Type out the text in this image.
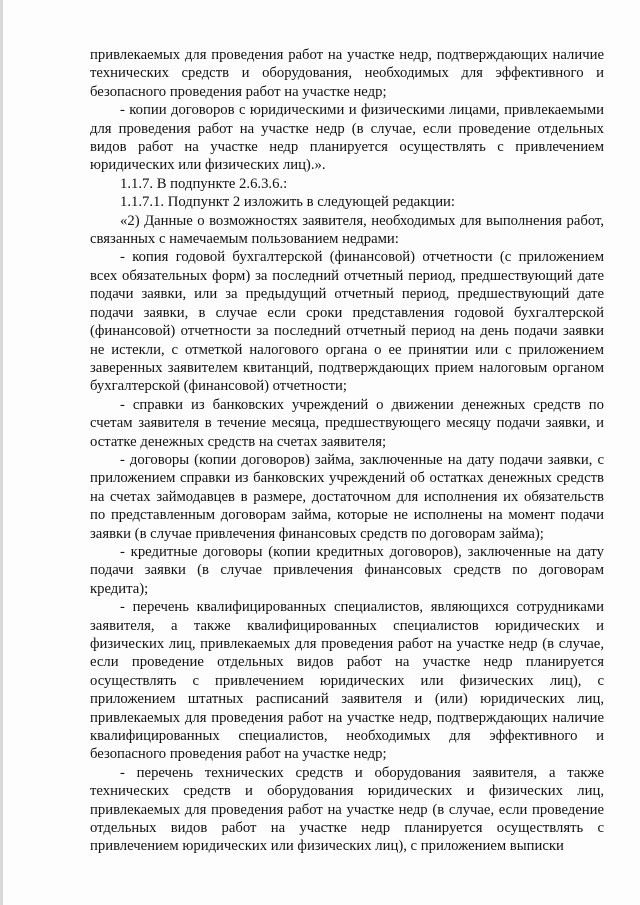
привлекаемых для проведения работ на участке недр, подтверждающих наличие технических средств и оборудования, необходимых для эффективного и безопасного проведения работ на участке недр;

- копии договоров с юридическими и физическими лицами, привлекаемыми для проведения работ на участке недр (в случае, если проведение отдельных видов работ на участке недр планируется осуществлять с привлечением юридических или физических лиц).».

1.1.7. В подпункте 2.6.3.6.:

1.1.7.1. Подпункт 2 изложить в следующей редакции:

«2) Данные о возможностях заявителя, необходимых для выполнения работ, связанных с намечаемым пользованием недрами:

- копия годовой бухгалтерской (финансовой) отчетности (с приложением всех обязательных форм) за последний отчетный период, предшествующий дате подачи заявки, или за предыдущий отчетный период, предшествующий дате подачи заявки, в случае если сроки представления годовой бухгалтерской (финансовой) отчетности за последний отчетный период на день подачи заявки не истекли, с отметкой налогового органа о ее принятии или с приложением заверенных заявителем квитанций, подтверждающих прием налоговым органом бухгалтерской (финансовой) отчетности;

- справки из банковских учреждений о движении денежных средств по счетам заявителя в течение месяца, предшествующего месяцу подачи заявки, и остатке денежных средств на счетах заявителя;

- договоры (копии договоров) займа, заключенные на дату подачи заявки, с приложением справки из банковских учреждений об остатках денежных средств на счетах займодавцев в размере, достаточном для исполнения их обязательств по представленным договорам займа, которые не исполнены на момент подачи заявки (в случае привлечения финансовых средств по договорам займа);

- кредитные договоры (копии кредитных договоров), заключенные на дату подачи заявки (в случае привлечения финансовых средств по договорам кредита);

- перечень квалифицированных специалистов, являющихся сотрудниками заявителя, а также квалифицированных специалистов юридических и физических лиц, привлекаемых для проведения работ на участке недр (в случае, если проведение отдельных видов работ на участке недр планируется осуществлять с привлечением юридических или физических лиц), с приложением штатных расписаний заявителя и (или) юридических лиц, привлекаемых для проведения работ на участке недр, подтверждающих наличие квалифицированных специалистов, необходимых для эффективного и безопасного проведения работ на участке недр;

- перечень технических средств и оборудования заявителя, а также технических средств и оборудования юридических и физических лиц, привлекаемых для проведения работ на участке недр (в случае, если проведение отдельных видов работ на участке недр планируется осуществлять с привлечением юридических или физических лиц), с приложением выписки
